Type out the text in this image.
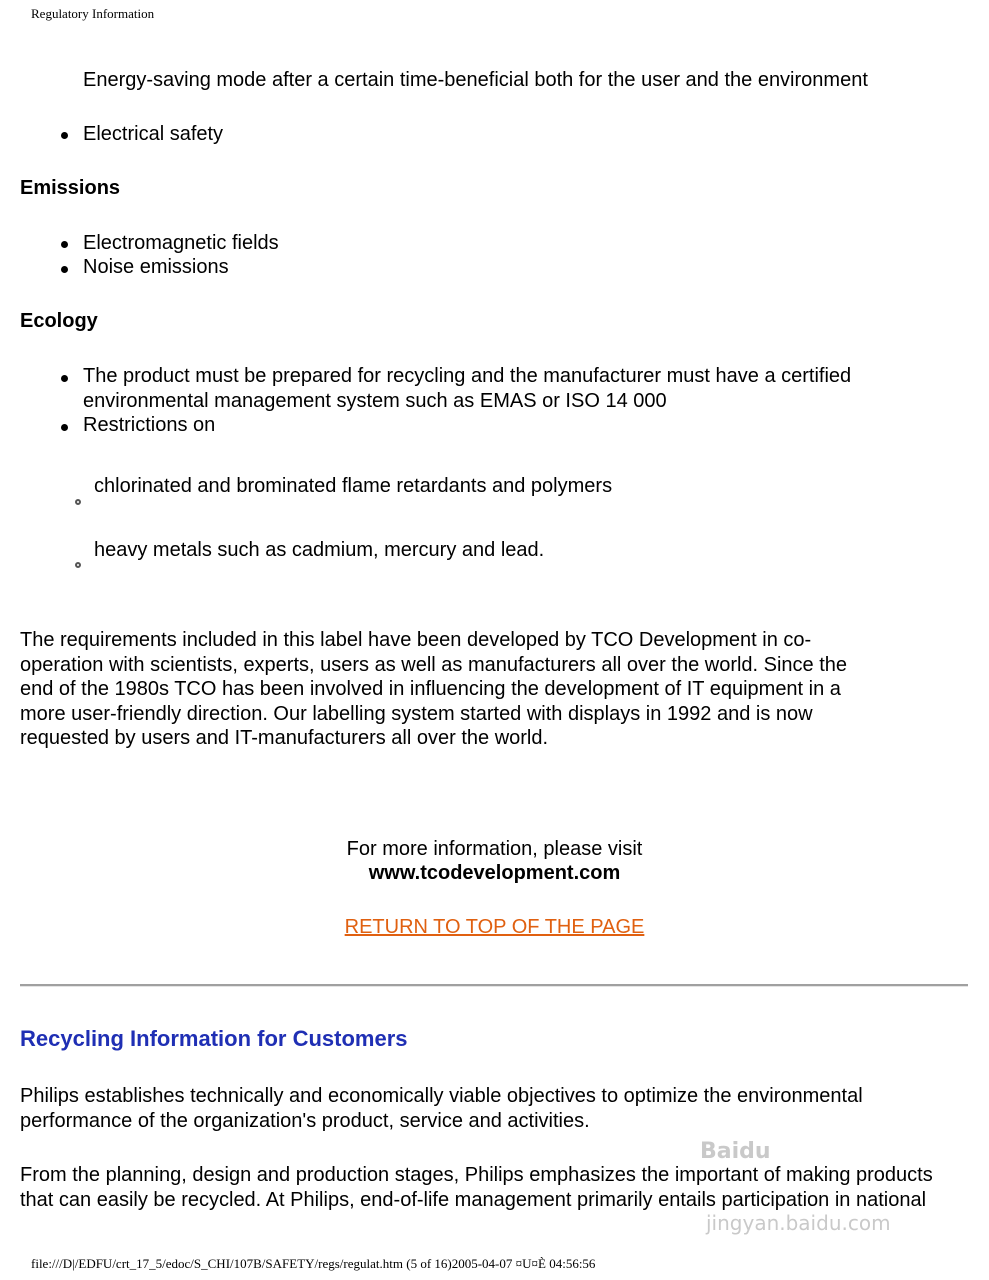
Regulatory Information
Energy-saving mode after a certain time-beneficial both for the user and the environment
Electrical safety
Emissions
Electromagnetic fields
Noise emissions
Ecology
The product must be prepared for recycling and the manufacturer must have a certified
environmental management system such as EMAS or ISO 14 000
Restrictions on
chlorinated and brominated flame retardants and polymers
heavy metals such as cadmium, mercury and lead.
The requirements included in this label have been developed by TCO Development in co-
operation with scientists, experts, users as well as manufacturers all over the world. Since the
end of the 1980s TCO has been involved in influencing the development of IT equipment in a
more user-friendly direction. Our labelling system started with displays in 1992 and is now
requested by users and IT-manufacturers all over the world.
For more information, please visit
www.tcodevelopment.com
RETURN TO TOP OF THE PAGE
Recycling Information for Customers
Philips establishes technically and economically viable objectives to optimize the environmental
performance of the organization's product, service and activities.
From the planning, design and production stages, Philips emphasizes the important of making products
that can easily be recycled. At Philips, end-of-life management primarily entails participation in national
Baidu
jingyan.baidu.com
file:///D|/EDFU/crt_17_5/edoc/S_CHI/107B/SAFETY/regs/regulat.htm (5 of 16)2005-04-07 ¤U¤È 04:56:56
